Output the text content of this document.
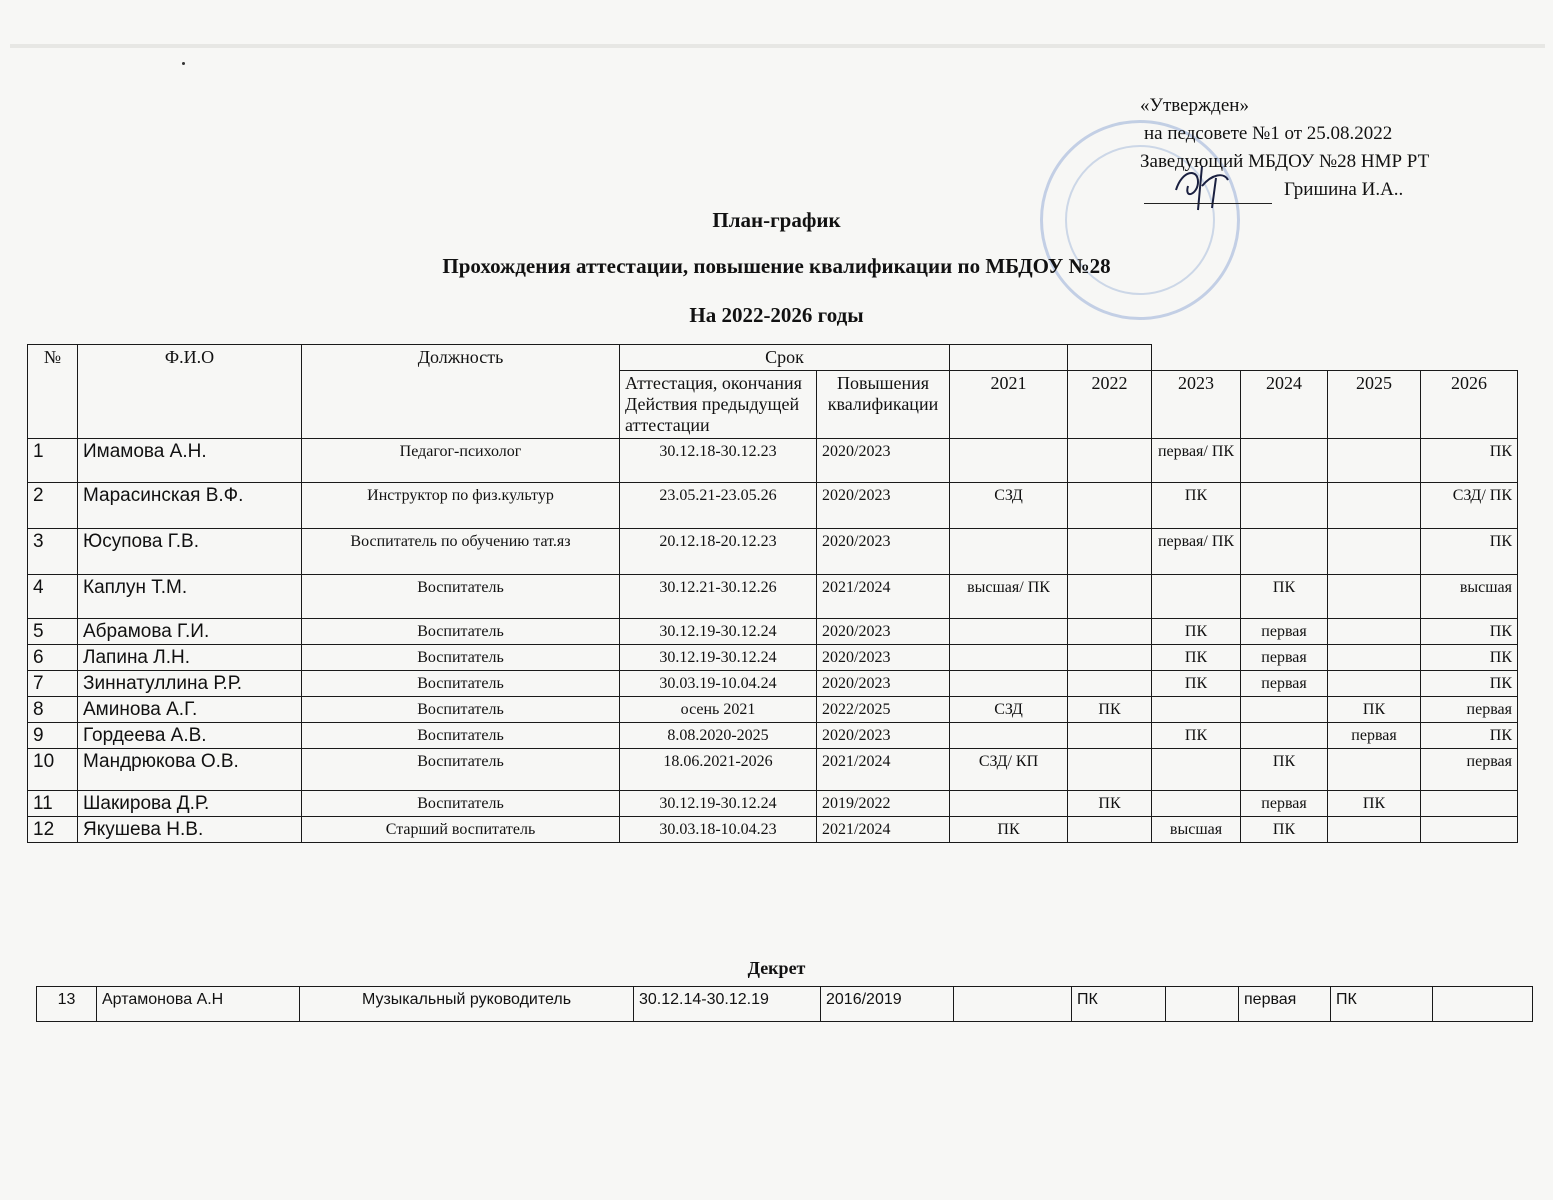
«Утвержден»
на педсовете №1 от 25.08.2022
Заведующий МБДОУ №28 НМР РТ
Гришина И.А..
План-график
Прохождения аттестации, повышение квалификации по МБДОУ №28
На 2022-2026 годы
№	Ф.И.О	Должность	Срок							
			Аттестация, окончания Действия предыдущей аттестации	Повышения квалификации	2021	2022	2023	2024	2025	2026
1	Имамова А.Н.	Педагог-психолог	30.12.18-30.12.23	2020/2023			первая/ ПК			ПК
2	Марасинская В.Ф.	Инструктор по физ.культур	23.05.21-23.05.26	2020/2023	СЗД		ПК			СЗД/ ПК
3	Юсупова Г.В.	Воспитатель по обучению тат.яз	20.12.18-20.12.23	2020/2023			первая/ ПК			ПК
4	Каплун Т.М.	Воспитатель	30.12.21-30.12.26	2021/2024	высшая/ ПК			ПК		высшая
5	Абрамова Г.И.	Воспитатель	30.12.19-30.12.24	2020/2023			ПК	первая		ПК
6	Лапина Л.Н.	Воспитатель	30.12.19-30.12.24	2020/2023			ПК	первая		ПК
7	Зиннатуллина Р.Р.	Воспитатель	30.03.19-10.04.24	2020/2023			ПК	первая		ПК
8	Аминова А.Г.	Воспитатель	осень 2021	2022/2025	СЗД	ПК			ПК	первая
9	Гордеева А.В.	Воспитатель	8.08.2020-2025	2020/2023			ПК		первая	ПК
10	Мандрюкова О.В.	Воспитатель	18.06.2021-2026	2021/2024	СЗД/ КП			ПК		первая
11	Шакирова Д.Р.	Воспитатель	30.12.19-30.12.24	2019/2022		ПК		первая	ПК	
12	Якушева Н.В.	Старший воспитатель	30.03.18-10.04.23	2021/2024	ПК		высшая	ПК		
Декрет
13	Артамонова А.Н	Музыкальный руководитель	30.12.14-30.12.19	2016/2019		ПК		первая	ПК	
